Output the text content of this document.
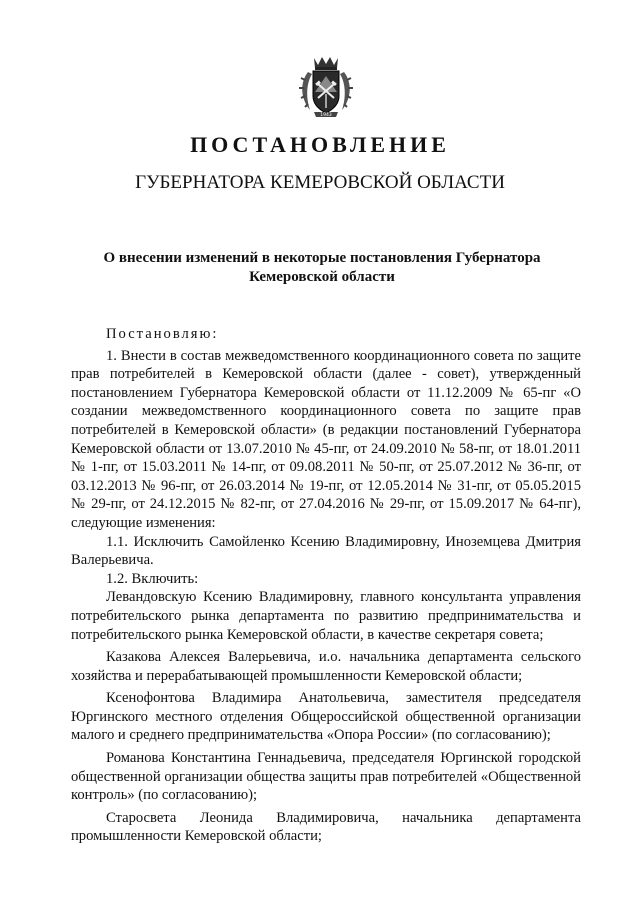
1943
ПОСТАНОВЛЕНИЕ
ГУБЕРНАТОРА КЕМЕРОВСКОЙ ОБЛАСТИ
О внесении изменений в некоторые постановления Губернатора
Кемеровской области

Постановляю:

1. Внести в состав межведомственного координационного совета по защите прав потребителей в Кемеровской области (далее - совет), утвержденный постановлением Губернатора Кемеровской области от 11.12.2009 № 65-пг «О создании межведомственного координационного совета по защите прав потребителей в Кемеровской области» (в редакции постановлений Губернатора Кемеровской области от 13.07.2010 № 45-пг, от 24.09.2010 № 58-пг, от 18.01.2011 № 1-пг, от 15.03.2011 № 14-пг, от 09.08.2011 № 50-пг, от 25.07.2012 № 36-пг, от 03.12.2013 № 96-пг, от 26.03.2014 № 19-пг, от 12.05.2014 № 31-пг, от 05.05.2015 № 29-пг, от 24.12.2015 № 82-пг, от 27.04.2016 № 29-пг, от 15.09.2017 № 64-пг), следующие изменения:

1.1. Исключить Самойленко Ксению Владимировну, Иноземцева Дмитрия Валерьевича.

1.2. Включить:

Левандовскую Ксению Владимировну, главного консультанта управления потребительского рынка департамента по развитию предпринимательства и потребительского рынка Кемеровской области, в качестве секретаря совета;

Казакова Алексея Валерьевича, и.о. начальника департамента сельского хозяйства и перерабатывающей промышленности Кемеровской области;

Ксенофонтова Владимира Анатольевича, заместителя председателя Юргинского местного отделения Общероссийской общественной организации малого и среднего предпринимательства «Опора России» (по согласованию);

Романова Константина Геннадьевича, председателя Юргинской городской общественной организации общества защиты прав потребителей «Общественной контроль» (по согласованию);

Старосвета Леонида Владимировича, начальника департамента промышленности Кемеровской области;
